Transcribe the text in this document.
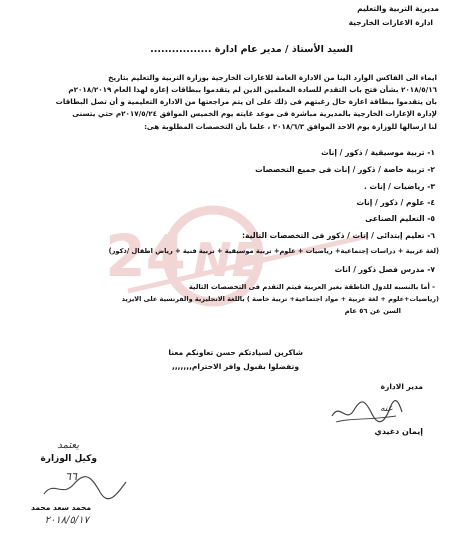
24 NE
مديرية التربية والتعليم
ادارة الاعارات الخارجية
السيد الأستاذ / مدير عام ادارة .................
ايماء الى الفاكس الوارد الينا من الادارة العامة للاعارات الخارجية بوزارة التربية والتعليم بتاريخ
٢٠١٨/٥/١٦ بشأن فتح باب التقدم للسادة المعلمين الذين لم يتقدموا ببطاقات إعارة لهذا العام ٢٠١٨/٢٠١٩م
بان يتقدموا ببطاقة اعارة حال رغبتهم فى ذلك على ان يتم مراجعتها من الادارة التعليمية و أن تصل البطاقات
لإدارة الإعارات الخارجية بالمديرية مباشرة فى موعد غايته يوم الخميس الموافق ٢٠١٧/٥/٢٤م حتي يتسنى
لنا ارسالها للوزارة يوم الاحد الموافق ٢٠١٨/٦/٣ ، علما بأن التخصصات المطلوبة هى:
١- تربية موسيقية / ذكور / إناث
٢- تربية خاصة / ذكور / إناث فى جميع التخصصات
٣- رياضيات / إناث .
٤- علوم / ذكور / إناث
٥- التعليم الصناعى
٦- تعليم إبتدائى / إناث / ذكور فى التخصصات التالية:
(لغة عربية + دراسات إجتماعية+ رياضيات + علوم+ تربية موسيقية + تربية فنية + رياض اطفال /ذكور)
٧- مدرس فصل ذكور / اناث
- أما بالنسبه للدول الناطقة بغير العربية فيتم التقدم فى التخصصات التالية
(رياضيات+علوم + لغة عربية + مواد اجتماعية+ تربية خاصة ) باللغة الانجليزية والفرنسية على الايزيد
السن عن ٥٦ عام
شاكرين لسيادتكم حسن تعاونكم معنا
وتفضلوا بقبول وافر الاحترام,,,,,,,
مدير الادارة
عنه
إيمان دغيدي
يعتمد
وكيل الوزارة
٦٦
محمد سعد محمد
٢٠١٨/٥/١٧
